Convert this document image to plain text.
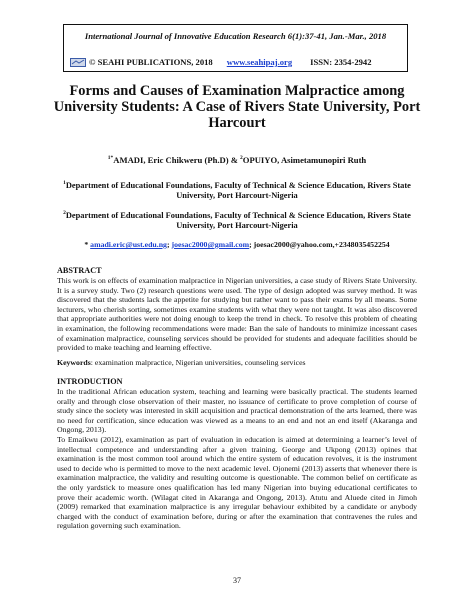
International Journal of Innovative Education Research 6(1):37-41, Jan.-Mar., 2018
© SEAHI PUBLICATIONS, 2018 www.seahipaj.org ISSN: 2354-2942
Forms and Causes of Examination Malpractice among University Students: A Case of Rivers State University, Port Harcourt
$^{1*}$AMADI, Eric Chikweru (Ph.D) & $^2$OPUIYO, Asimetamunopiri Ruth
$^1$Department of Educational Foundations, Faculty of Technical & Science Education, Rivers State University, Port Harcourt-Nigeria
$^2$Department of Educational Foundations, Faculty of Technical & Science Education, Rivers State University, Port Harcourt-Nigeria
* amadi.eric@ust.edu.ng; joesac2000@gmail.com; joesac2000@yahoo.com,+2348035452254
ABSTRACT
This work is on effects of examination malpractice in Nigerian universities, a case study of Rivers State University. It is a survey study. Two (2) research questions were used. The type of design adopted was survey method. It was discovered that the students lack the appetite for studying but rather want to pass their exams by all means. Some lecturers, who cherish sorting, sometimes examine students with what they were not taught. It was also discovered that appropriate authorities were not doing enough to keep the trend in check. To resolve this problem of cheating in examination, the following recommendations were made: Ban the sale of handouts to minimize incessant cases of examination malpractice, counseling services should be provided for students and adequate facilities should be provided to make teaching and learning effective.
Keywords: examination malpractice, Nigerian universities, counseling services
INTRODUCTION
In the traditional African education system, teaching and learning were basically practical. The students learned orally and through close observation of their master, no issuance of certificate to prove completion of course of study since the society was interested in skill acquisition and practical demonstration of the arts learned, there was no need for certification, since education was viewed as a means to an end and not an end itself (Akaranga and Ongong, 2013).
To Emaikwu (2012), examination as part of evaluation in education is aimed at determining a learner’s level of intellectual competence and understanding after a given training. George and Ukpong (2013) opines that examination is the most common tool around which the entire system of education revolves, it is the instrument used to decide who is permitted to move to the next academic level. Ojonemi (2013) asserts that whenever there is examination malpractice, the validity and resulting outcome is questionable. The common belief on certificate as the only yardstick to measure ones qualification has led many Nigerian into buying educational certificates to prove their academic worth. (Wilagat cited in Akaranga and Ongong, 2013). Atutu and Aluede cited in Jimoh (2009) remarked that examination malpractice is any irregular behaviour exhibited by a candidate or anybody charged with the conduct of examination before, during or after the examination that contravenes the rules and regulation governing such examination.
37
